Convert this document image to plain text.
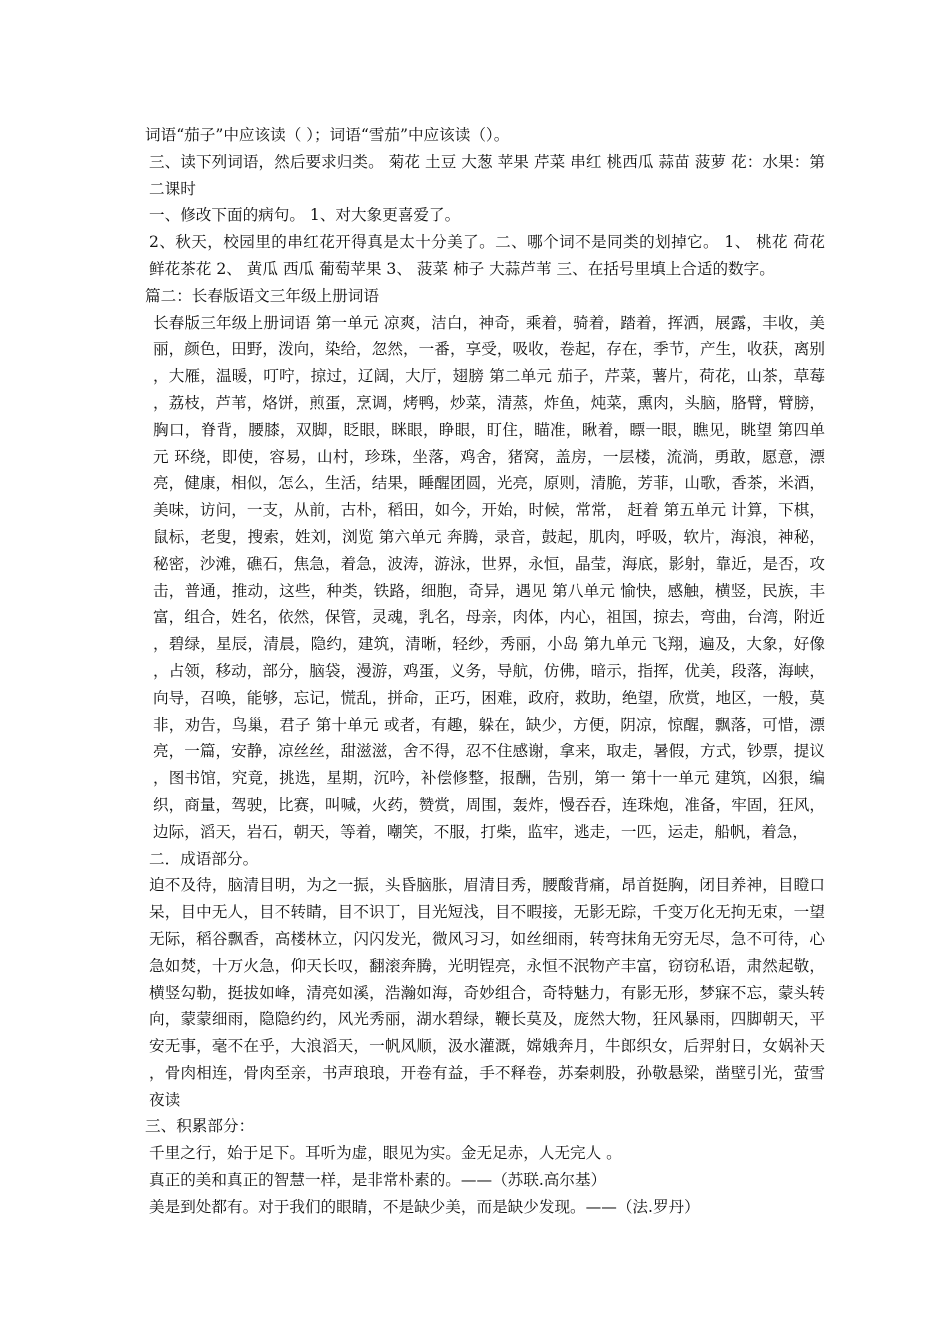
词语“茄子”中应该读（ ）；词语“雪茄”中应该读（）。

三、读下列词语，然后要求归类。 菊花 土豆 大葱 苹果 芹菜 串红 桃西瓜 蒜苗 菠萝 花：水果：第二课时

一、修改下面的病句。 1、对大象更喜爱了。

2、秋天，校园里的串红花开得真是太十分美了。二、哪个词不是同类的划掉它。 1、 桃花 荷花 鲜花茶花 2、 黄瓜 西瓜 葡萄苹果 3、 菠菜 柿子 大蒜芦苇 三、在括号里填上合适的数字。

篇二：长春版语文三年级上册词语

长春版三年级上册词语 第一单元 凉爽，洁白，神奇，乘着，骑着，踏着，挥洒，展露，丰收，美丽，颜色，田野，泼向，染给，忽然，一番，享受，吸收，卷起，存在，季节，产生，收获，离别，大雁，温暖，叮咛，掠过，辽阔，大厅，翅膀 第二单元 茄子，芹菜，薯片，荷花，山茶，草莓，荔枝，芦苇，烙饼，煎蛋，烹调，烤鸭，炒菜，清蒸，炸鱼，炖菜，熏肉，头脑，胳臂，臂膀，胸口，脊背，腰膝，双脚，眨眼，眯眼，睁眼，盯住，瞄准，瞅着，瞟一眼，瞧见，眺望 第四单元 环绕，即使，容易，山村，珍珠，坐落，鸡舍，猪窝，盖房，一层楼，流淌，勇敢，愿意，漂亮，健康，相似，怎么，生活，结果，睡醒团圆，光亮，原则，清脆，芳菲，山歌，香茶，米酒，美味，访问，一支，从前，古朴，稻田，如今，开始，时候，常常， 赶着 第五单元 计算，下棋，鼠标，老叟，搜索，姓刘，浏览 第六单元 奔腾，录音，鼓起，肌肉，呼吸，软片，海浪，神秘，秘密，沙滩，礁石，焦急，着急，波涛，游泳，世界，永恒，晶莹，海底，影射，靠近，是否，攻击，普通，推动，这些，种类，铁路，细胞，奇异，遇见 第八单元 愉快，感触，横竖，民族，丰富，组合，姓名，依然，保管，灵魂，乳名，母亲，肉体，内心，祖国，掠去，弯曲，台湾，附近，碧绿，星辰，清晨，隐约，建筑，清晰，轻纱，秀丽，小岛 第九单元 飞翔，遍及，大象，好像，占领，移动，部分，脑袋，漫游，鸡蛋，义务，导航，仿佛，暗示，指挥，优美，段落，海峡，向导，召唤，能够，忘记，慌乱，拼命，正巧，困难，政府，救助，绝望，欣赏，地区，一般，莫非，劝告，鸟巢，君子 第十单元 或者，有趣，躲在，缺少，方便，阴凉，惊醒，飘落，可惜，漂亮，一篇，安静，凉丝丝，甜滋滋，舍不得，忍不住感谢，拿来，取走，暑假，方式，钞票，提议，图书馆，究竟，挑选，星期，沉吟，补偿修整，报酬，告别，第一 第十一单元 建筑，凶狠，编织，商量，驾驶，比赛，叫喊，火药，赞赏，周围，轰炸，慢吞吞，连珠炮，准备，牢固，狂风，边际，滔天，岩石，朝天，等着，嘲笑，不服，打柴，监牢，逃走，一匹，运走，船帆，着急，

二．成语部分。

迫不及待，脑清目明，为之一振，头昏脑胀，眉清目秀，腰酸背痛，昂首挺胸，闭目养神，目瞪口呆，目中无人，目不转睛，目不识丁，目光短浅，目不暇接，无影无踪，千变万化无拘无束，一望无际，稻谷飘香，高楼林立，闪闪发光，微风习习，如丝细雨，转弯抹角无穷无尽，急不可待，心急如焚，十万火急，仰天长叹，翻滚奔腾，光明锃亮，永恒不泯物产丰富，窃窃私语，肃然起敬，横竖勾勒，挺拔如峰，清亮如溪，浩瀚如海，奇妙组合，奇特魅力，有影无形，梦寐不忘，蒙头转向，蒙蒙细雨，隐隐约约，风光秀丽，湖水碧绿，鞭长莫及，庞然大物，狂风暴雨，四脚朝天，平安无事，毫不在乎，大浪滔天，一帆风顺，汲水灌溉，嫦娥奔月，牛郎织女，后羿射日，女娲补天，骨肉相连，骨肉至亲，书声琅琅，开卷有益，手不释卷，苏秦刺股，孙敬悬梁，凿壁引光，萤雪夜读

三、积累部分：

千里之行，始于足下。耳听为虚，眼见为实。金无足赤，人无完人 。

真正的美和真正的智慧一样，是非常朴素的。——（苏联.高尔基）

美是到处都有。对于我们的眼睛，不是缺少美，而是缺少发现。——（法.罗丹）
